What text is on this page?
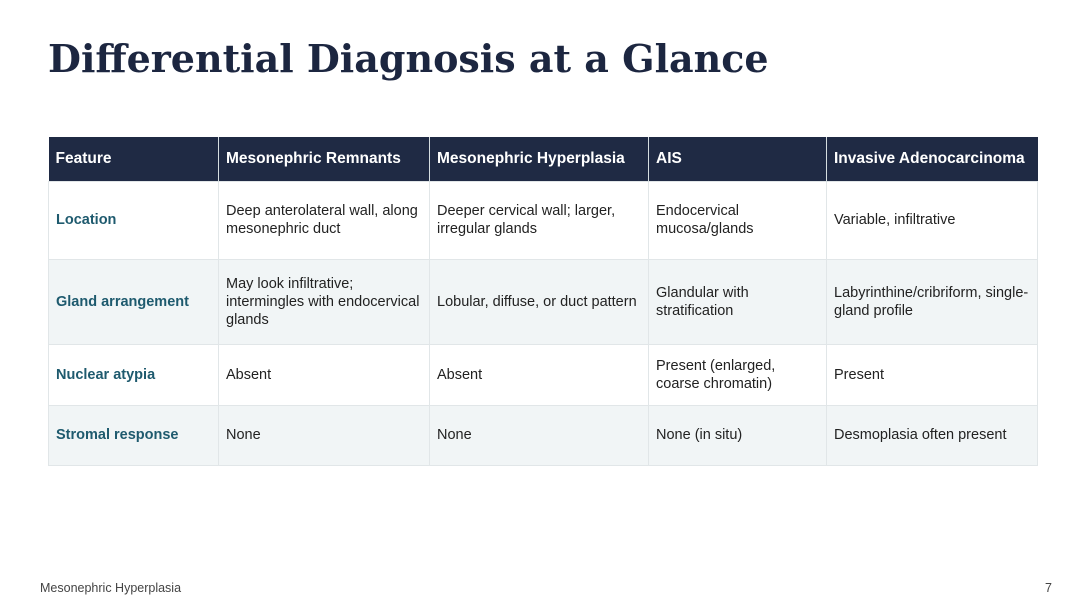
Differential Diagnosis at a Glance
Feature	Mesonephric Remnants	Mesonephric Hyperplasia	AIS	Invasive Adenocarcinoma
Location	Deep anterolateral wall, along mesonephric duct	Deeper cervical wall; larger, irregular glands	Endocervical mucosa/glands	Variable, infiltrative
Gland arrangement	May look infiltrative; intermingles with endocervical glands	Lobular, diffuse, or duct pattern	Glandular with stratification	Labyrinthine/cribriform, single-gland profile
Nuclear atypia	Absent	Absent	Present (enlarged, coarse chromatin)	Present
Stromal response	None	None	None (in situ)	Desmoplasia often present
Mesonephric Hyperplasia	7
